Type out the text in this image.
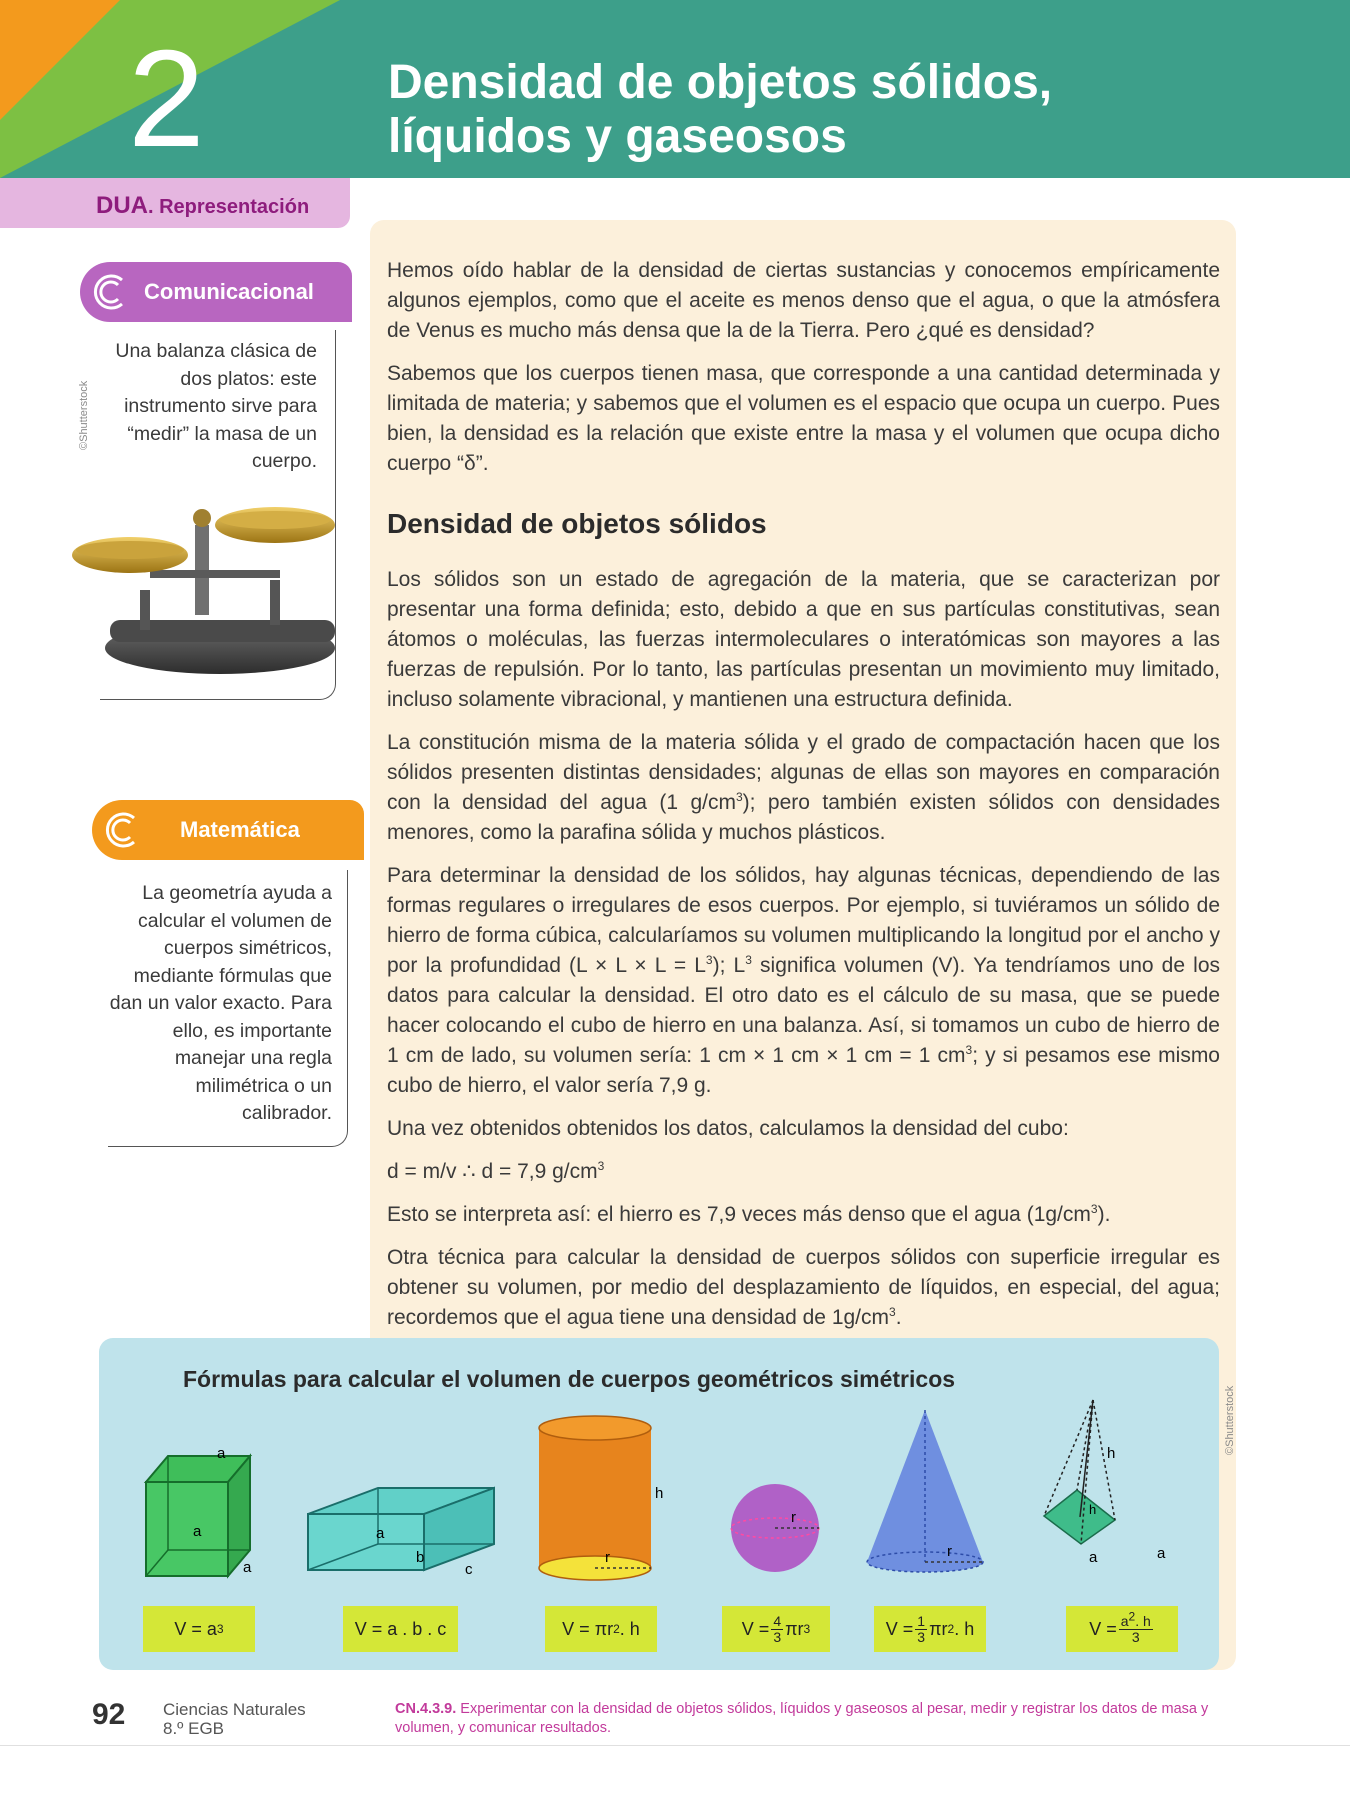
2	Densidad de objetos sólidos,
líquidos y gaseosos
DUA. Representación
Comunicacional
Una balanza clásica de
dos platos: este
instrumento sirve para
“medir” la masa de un
cuerpo.
©Shutterstock
Matemática
La geometría ayuda a
calcular el volumen de
cuerpos simétricos,
mediante fórmulas que
dan un valor exacto. Para
ello, es importante
manejar una regla
milimétrica o un
calibrador.

Hemos oído hablar de la densidad de ciertas sustancias y conocemos empíricamente algunos ejemplos, como que el aceite es menos denso que el agua, o que la atmósfera de Venus es mucho más densa que la de la Tierra. Pero ¿qué es densidad?

Sabemos que los cuerpos tienen masa, que corresponde a una cantidad determinada y limitada de materia; y sabemos que el volumen es el espacio que ocupa un cuerpo. Pues bien, la densidad es la relación que existe entre la masa y el volumen que ocupa dicho cuerpo “δ”.

Densidad de objetos sólidos

Los sólidos son un estado de agregación de la materia, que se caracterizan por presentar una forma definida; esto, debido a que en sus partículas constitutivas, sean átomos o moléculas, las fuerzas intermoleculares o interatómicas son mayores a las fuerzas de repulsión. Por lo tanto, las partículas presentan un movimiento muy limitado, incluso solamente vibracional, y mantienen una estructura definida.

La constitución misma de la materia sólida y el grado de compactación hacen que los sólidos presenten distintas densidades; algunas de ellas son mayores en comparación con la densidad del agua (1 $g/cm^3$); pero también existen sólidos con densidades menores, como la parafina sólida y muchos plásticos.

Para determinar la densidad de los sólidos, hay algunas técnicas, dependiendo de las formas regulares o irregulares de esos cuerpos. Por ejemplo, si tuviéramos un sólido de hierro de forma cúbica, calcularíamos su volumen multiplicando la longitud por el ancho y por la profundidad $(L \times L \times L = L^3)$; $L^3$ significa volumen (V). Ya tendríamos uno de los datos para calcular la densidad. El otro dato es el cálculo de su masa, que se puede hacer colocando el cubo de hierro en una balanza. Así, si tomamos un cubo de hierro de 1 cm de lado, su volumen sería: 1 cm × 1 cm × 1 cm = 1 $cm^3$; y si pesamos ese mismo cubo de hierro, el valor sería 7,9 g.

Una vez obtenidos obtenidos los datos, calculamos la densidad del cubo:

d = m/v ∴ d = 7,9 $g/cm^3$

Esto se interpreta así: el hierro es 7,9 veces más denso que el agua $(1g/cm^3)$.

Otra técnica para calcular la densidad de cuerpos sólidos con superficie irregular es obtener su volumen, por medio del desplazamiento de líquidos, en especial, del agua; recordemos que el agua tiene una densidad de $1g/cm^3$.

Fórmulas para calcular el volumen de cuerpos geométricos simétricos
a
a
a
a
b
c
h
r
r
r
h
h
a	a
V = a 3	V = a . b . c	V = πr 2 . h	$V = \frac{4}{3}$ πr 3	$V = \frac{1}{3}$ πr 2 . h	$V = \frac{a^2. h}{3}$
©Shutterstock
92 Ciencias Naturales
8.º EGB
CN.4.3.9. Experimentar con la densidad de objetos sólidos, líquidos y gaseosos al pesar, medir y registrar los datos de masa y volumen, y comunicar resultados.
